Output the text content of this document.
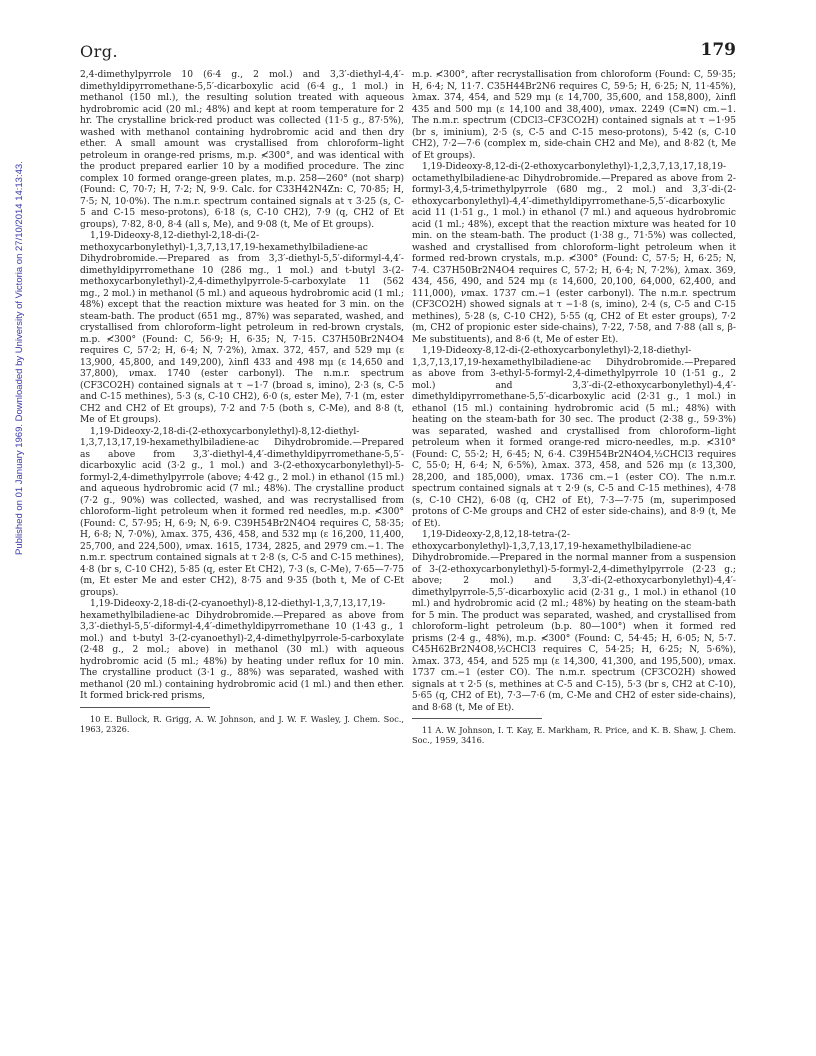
Org.	179
Published on 01 January 1969. Downloaded by University of Victoria on 27/10/2014 14:13:43.

2,4-dimethylpyrrole 10 (6·4 g., 2 mol.) and 3,3′-diethyl-4,4′-dimethyldipyrromethane-5,5′-dicarboxylic acid (6·4 g., 1 mol.) in methanol (150 ml.), the resulting solution treated with aqueous hydrobromic acid (20 ml.; 48%) and kept at room temperature for 2 hr. The crystalline brick-red product was collected (11·5 g., 87·5%), washed with methanol containing hydrobromic acid and then dry ether. A small amount was crystallised from chloroform–light petroleum in orange-red prisms, m.p. ≮300°, and was identical with the product prepared earlier 10 by a modified procedure. The zinc complex 10 formed orange-green plates, m.p. 258—260° (not sharp) (Found: C, 70·7; H, 7·2; N, 9·9. Calc. for C33H42N4Zn: C, 70·85; H, 7·5; N, 10·0%). The n.m.r. spectrum contained signals at τ 3·25 (s, C-5 and C-15 meso-protons), 6·18 (s, C-10 CH2), 7·9 (q, CH2 of Et groups), 7·82, 8·0, 8·4 (all s, Me), and 9·08 (t, Me of Et groups).

1,19-Dideoxy-8,12-diethyl-2,18-di-(2-methoxycarbonylethyl)-1,3,7,13,17,19-hexamethylbiladiene-ac Dihydrobromide.—Prepared as from 3,3′-diethyl-5,5′-diformyl-4,4′-dimethyldipyrromethane 10 (286 mg., 1 mol.) and t-butyl 3-(2-methoxycarbonylethyl)-2,4-dimethylpyrrole-5-carboxylate 11 (562 mg., 2 mol.) in methanol (5 ml.) and aqueous hydrobromic acid (1 ml.; 48%) except that the reaction mixture was heated for 3 min. on the steam-bath. The product (651 mg., 87%) was separated, washed, and crystallised from chloroform–light petroleum in red-brown crystals, m.p. ≮300° (Found: C, 56·9; H, 6·35; N, 7·15. C37H50Br2N4O4 requires C, 57·2; H, 6·4; N, 7·2%), λmax. 372, 457, and 529 mμ (ε 13,900, 45,800, and 149,200), λinfl 433 and 498 mμ (ε 14,650 and 37,800), νmax. 1740 (ester carbonyl). The n.m.r. spectrum (CF3CO2H) contained signals at τ −1·7 (broad s, imino), 2·3 (s, C-5 and C-15 methines), 5·3 (s, C-10 CH2), 6·0 (s, ester Me), 7·1 (m, ester CH2 and CH2 of Et groups), 7·2 and 7·5 (both s, C-Me), and 8·8 (t, Me of Et groups).

1,19-Dideoxy-2,18-di-(2-ethoxycarbonylethyl)-8,12-diethyl-1,3,7,13,17,19-hexamethylbiladiene-ac Dihydrobromide.—Prepared as above from 3,3′-diethyl-4,4′-dimethyldipyrromethane-5,5′-dicarboxylic acid (3·2 g., 1 mol.) and 3-(2-ethoxycarbonylethyl)-5-formyl-2,4-dimethylpyrrole (above; 4·42 g., 2 mol.) in ethanol (15 ml.) and aqueous hydrobromic acid (7 ml.; 48%). The crystalline product (7·2 g., 90%) was collected, washed, and was recrystallised from chloroform–light petroleum when it formed red needles, m.p. ≮300° (Found: C, 57·95; H, 6·9; N, 6·9. C39H54Br2N4O4 requires C, 58·35; H, 6·8; N, 7·0%), λmax. 375, 436, 458, and 532 mμ (ε 16,200, 11,400, 25,700, and 224,500), νmax. 1615, 1734, 2825, and 2979 cm.−1. The n.m.r. spectrum contained signals at τ 2·8 (s, C-5 and C-15 methines), 4·8 (br s, C-10 CH2), 5·85 (q, ester Et CH2), 7·3 (s, C-Me), 7·65—7·75 (m, Et ester Me and ester CH2), 8·75 and 9·35 (both t, Me of C-Et groups).

1,19-Dideoxy-2,18-di-(2-cyanoethyl)-8,12-diethyl-1,3,7,13,17,19-hexamethylbiladiene-ac Dihydrobromide.—Prepared as above from 3,3′-diethyl-5,5′-diformyl-4,4′-dimethyldipyrromethane 10 (1·43 g., 1 mol.) and t-butyl 3-(2-cyanoethyl)-2,4-dimethylpyrrole-5-carboxylate (2·48 g., 2 mol.; above) in methanol (30 ml.) with aqueous hydrobromic acid (5 ml.; 48%) by heating under reflux for 10 min. The crystalline product (3·1 g., 88%) was separated, washed with methanol (20 ml.) containing hydrobromic acid (1 ml.) and then ether. It formed brick-red prisms,

10 E. Bullock, R. Grigg, A. W. Johnson, and J. W. F. Wasley, J. Chem. Soc., 1963, 2326.

m.p. ≮300°, after recrystallisation from chloroform (Found: C, 59·35; H, 6·4; N, 11·7. C35H44Br2N6 requires C, 59·5; H, 6·25; N, 11·45%), λmax. 374, 454, and 529 mμ (ε 14,700, 35,600, and 158,800), λinfl 435 and 500 mμ (ε 14,100 and 38,400), νmax. 2249 (C≡N) cm.−1. The n.m.r. spectrum (CDCl3–CF3CO2H) contained signals at τ −1·95 (br s, iminium), 2·5 (s, C-5 and C-15 meso-protons), 5·42 (s, C-10 CH2), 7·2—7·6 (complex m, side-chain CH2 and Me), and 8·82 (t, Me of Et groups).

1,19-Dideoxy-8,12-di-(2-ethoxycarbonylethyl)-1,2,3,7,13,17,18,19-octamethylbiladiene-ac Dihydrobromide.—Prepared as above from 2-formyl-3,4,5-trimethylpyrrole (680 mg., 2 mol.) and 3,3′-di-(2-ethoxycarbonylethyl)-4,4′-dimethyldipyrromethane-5,5′-dicarboxylic acid 11 (1·51 g., 1 mol.) in ethanol (7 ml.) and aqueous hydrobromic acid (1 ml.; 48%), except that the reaction mixture was heated for 10 min. on the steam-bath. The product (1·38 g., 71·5%) was collected, washed and crystallised from chloroform–light petroleum when it formed red-brown crystals, m.p. ≮300° (Found: C, 57·5; H, 6·25; N, 7·4. C37H50Br2N4O4 requires C, 57·2; H, 6·4; N, 7·2%), λmax. 369, 434, 456, 490, and 524 mμ (ε 14,600, 20,100, 64,000, 62,400, and 111,000), νmax. 1737 cm.−1 (ester carbonyl). The n.m.r. spectrum (CF3CO2H) showed signals at τ −1·8 (s, imino), 2·4 (s, C-5 and C-15 methines), 5·28 (s, C-10 CH2), 5·55 (q, CH2 of Et ester groups), 7·2 (m, CH2 of propionic ester side-chains), 7·22, 7·58, and 7·88 (all s, β-Me substituents), and 8·6 (t, Me of ester Et).

1,19-Dideoxy-8,12-di-(2-ethoxycarbonylethyl)-2,18-diethyl-1,3,7,13,17,19-hexamethylbiladiene-ac Dihydrobromide.—Prepared as above from 3-ethyl-5-formyl-2,4-dimethylpyrrole 10 (1·51 g., 2 mol.) and 3,3′-di-(2-ethoxycarbonylethyl)-4,4′-dimethyldipyrromethane-5,5′-dicarboxylic acid (2·31 g., 1 mol.) in ethanol (15 ml.) containing hydrobromic acid (5 ml.; 48%) with heating on the steam-bath for 30 sec. The product (2·38 g., 59·3%) was separated, washed and crystallised from chloroform–light petroleum when it formed orange-red micro-needles, m.p. ≮310° (Found: C, 55·2; H, 6·45; N, 6·4. C39H54Br2N4O4,½CHCl3 requires C, 55·0; H, 6·4; N, 6·5%), λmax. 373, 458, and 526 mμ (ε 13,300, 28,200, and 185,000), νmax. 1736 cm.−1 (ester CO). The n.m.r. spectrum contained signals at τ 2·9 (s, C-5 and C-15 methines), 4·78 (s, C-10 CH2), 6·08 (q, CH2 of Et), 7·3—7·75 (m, superimposed protons of C-Me groups and CH2 of ester side-chains), and 8·9 (t, Me of Et).

1,19-Dideoxy-2,8,12,18-tetra-(2-ethoxycarbonylethyl)-1,3,7,13,17,19-hexamethylbiladiene-ac Dihydrobromide.—Prepared in the normal manner from a suspension of 3-(2-ethoxycarbonylethyl)-5-formyl-2,4-dimethylpyrrole (2·23 g.; above; 2 mol.) and 3,3′-di-(2-ethoxycarbonylethyl)-4,4′-dimethylpyrrole-5,5′-dicarboxylic acid (2·31 g., 1 mol.) in ethanol (10 ml.) and hydrobromic acid (2 ml.; 48%) by heating on the steam-bath for 5 min. The product was separated, washed, and crystallised from chloroform–light petroleum (b.p. 80—100°) when it formed red prisms (2·4 g., 48%), m.p. ≮300° (Found: C, 54·45; H, 6·05; N, 5·7. C45H62Br2N4O8,½CHCl3 requires C, 54·25; H, 6·25; N, 5·6%), λmax. 373, 454, and 525 mμ (ε 14,300, 41,300, and 195,500), νmax. 1737 cm.−1 (ester CO). The n.m.r. spectrum (CF3CO2H) showed signals at τ 2·5 (s, methines at C-5 and C-15), 5·3 (br s, CH2 at C-10), 5·65 (q, CH2 of Et), 7·3—7·6 (m, C-Me and CH2 of ester side-chains), and 8·68 (t, Me of Et).

11 A. W. Johnson, I. T. Kay, E. Markham, R. Price, and K. B. Shaw, J. Chem. Soc., 1959, 3416.
